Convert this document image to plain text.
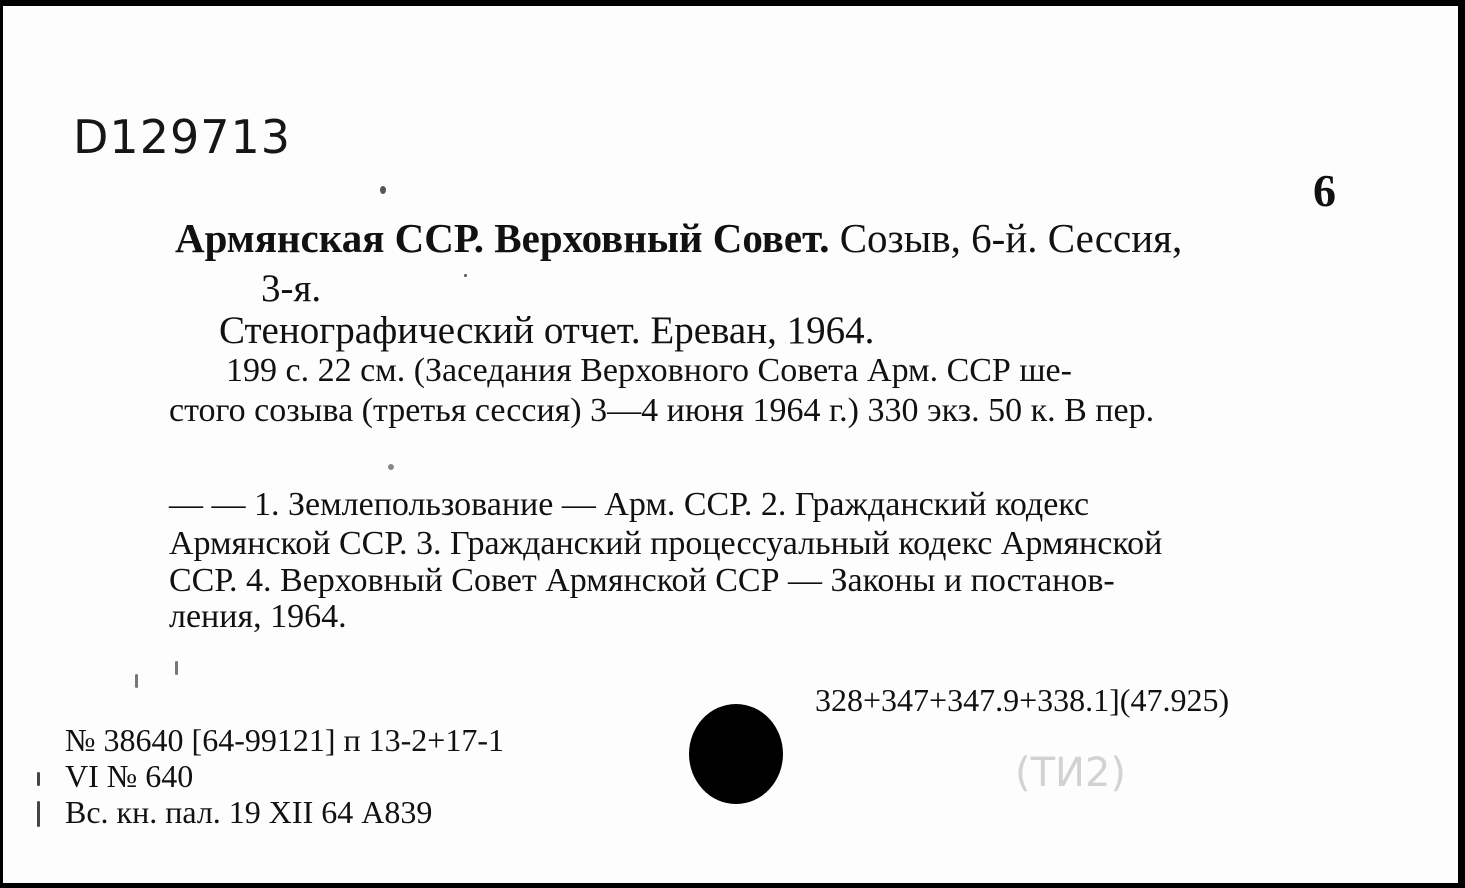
D129713
6
Армянская ССР. Верховный Совет. Созыв, 6-й. Сессия,
3-я.
Стенографический отчет. Ереван, 1964.
199 с. 22 см. (Заседания Верховного Совета Арм. ССР ше-
стого созыва (третья сессия) 3—4 июня 1964 г.) 330 экз. 50 к. В пер.
— — 1. Землепользование — Арм. ССР. 2. Гражданский кодекс
Армянской ССР. 3. Гражданский процессуальный кодекс Армянской
ССР. 4. Верховный Совет Армянской ССР — Законы и постанов-
ления, 1964.
328+347+347.9+338.1](47.925)
№ 38640 [64-99121] п 13-2+17-1
VI № 640
Вс. кн. пал. 19 XII 64 А839
(ТИ2)
